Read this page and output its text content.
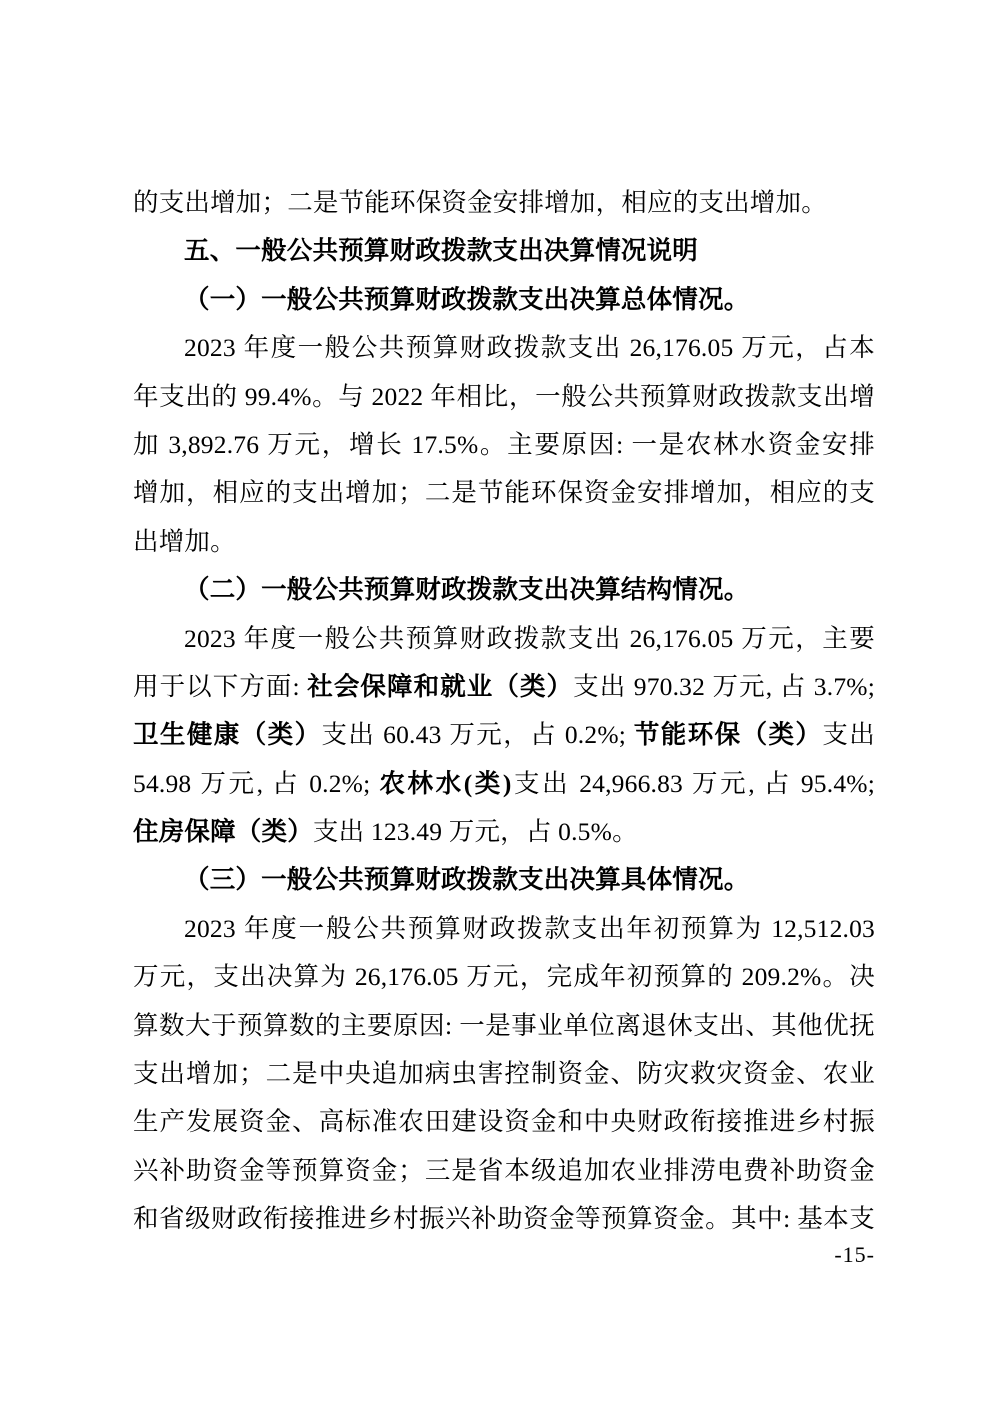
的支出增加；二是节能环保资金安排增加，相应的支出增加。
五、一般公共预算财政拨款支出决算情况说明
（一）一般公共预算财政拨款支出决算总体情况。
2023 年度一般公共预算财政拨款支出 26,176.05 万元，占本
年支出的 99.4%。与 2022 年相比，一般公共预算财政拨款支出增
加 3,892.76 万元，增长 17.5%。主要原因: 一是农林水资金安排
增加，相应的支出增加；二是节能环保资金安排增加，相应的支
出增加。
（二）一般公共预算财政拨款支出决算结构情况。
2023 年度一般公共预算财政拨款支出 26,176.05 万元，主要
用于以下方面: 社会保障和就业（类）支出 970.32 万元, 占 3.7%;
卫生健康（类）支出 60.43 万元，占 0.2%; 节能环保（类）支出
54.98 万元, 占 0.2%; 农林水(类)支出 24,966.83 万元, 占 95.4%;
住房保障（类）支出 123.49 万元，占 0.5%。
（三）一般公共预算财政拨款支出决算具体情况。
2023 年度一般公共预算财政拨款支出年初预算为 12,512.03
万元，支出决算为 26,176.05 万元，完成年初预算的 209.2%。决
算数大于预算数的主要原因: 一是事业单位离退休支出、其他优抚
支出增加；二是中央追加病虫害控制资金、防灾救灾资金、农业
生产发展资金、高标准农田建设资金和中央财政衔接推进乡村振
兴补助资金等预算资金；三是省本级追加农业排涝电费补助资金
和省级财政衔接推进乡村振兴补助资金等预算资金。其中: 基本支
-15-
